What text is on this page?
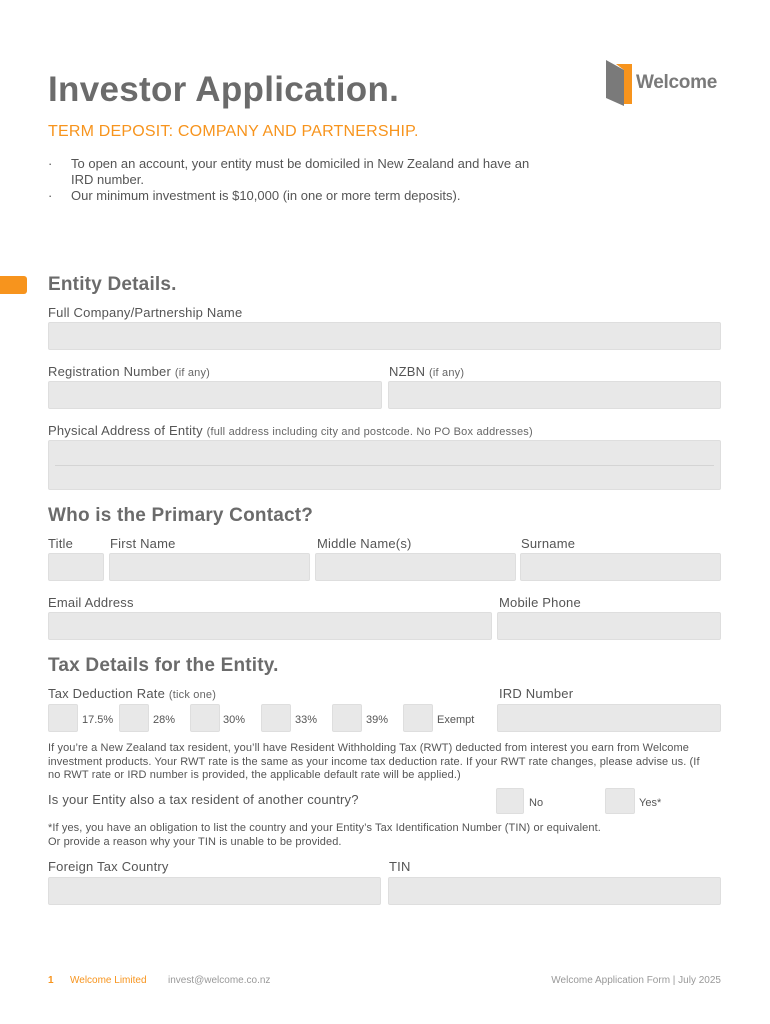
Investor Application.	Welcome
TERM DEPOSIT: COMPANY AND PARTNERSHIP.
· To open an account, your entity must be domiciled in New Zealand and have an IRD number.
· Our minimum investment is $10,000 (in one or more term deposits).
Entity Details.
Full Company/Partnership Name
Registration Number (if any)	NZBN (if any)
Physical Address of Entity (full address including city and postcode. No PO Box addresses)
Who is the Primary Contact?
Title	First Name	Middle Name(s)	Surname
Email Address	Mobile Phone
Tax Details for the Entity.
Tax Deduction Rate (tick one)	IRD Number
17.5%	28%	30%	33%	39%	Exempt
If you’re a New Zealand tax resident, you’ll have Resident Withholding Tax (RWT) deducted from interest you earn from Welcome investment products. Your RWT rate is the same as your income tax deduction rate. If your RWT rate changes, please advise us. (If no RWT rate or IRD number is provided, the applicable default rate will be applied.)
Is your Entity also a tax resident of another country?	No	Yes*
*If yes, you have an obligation to list the country and your Entity’s Tax Identification Number (TIN) or equivalent.
Or provide a reason why your TIN is unable to be provided.
Foreign Tax Country	TIN
1 Welcome Limited invest@welcome.co.nz	Welcome Application Form | July 2025
